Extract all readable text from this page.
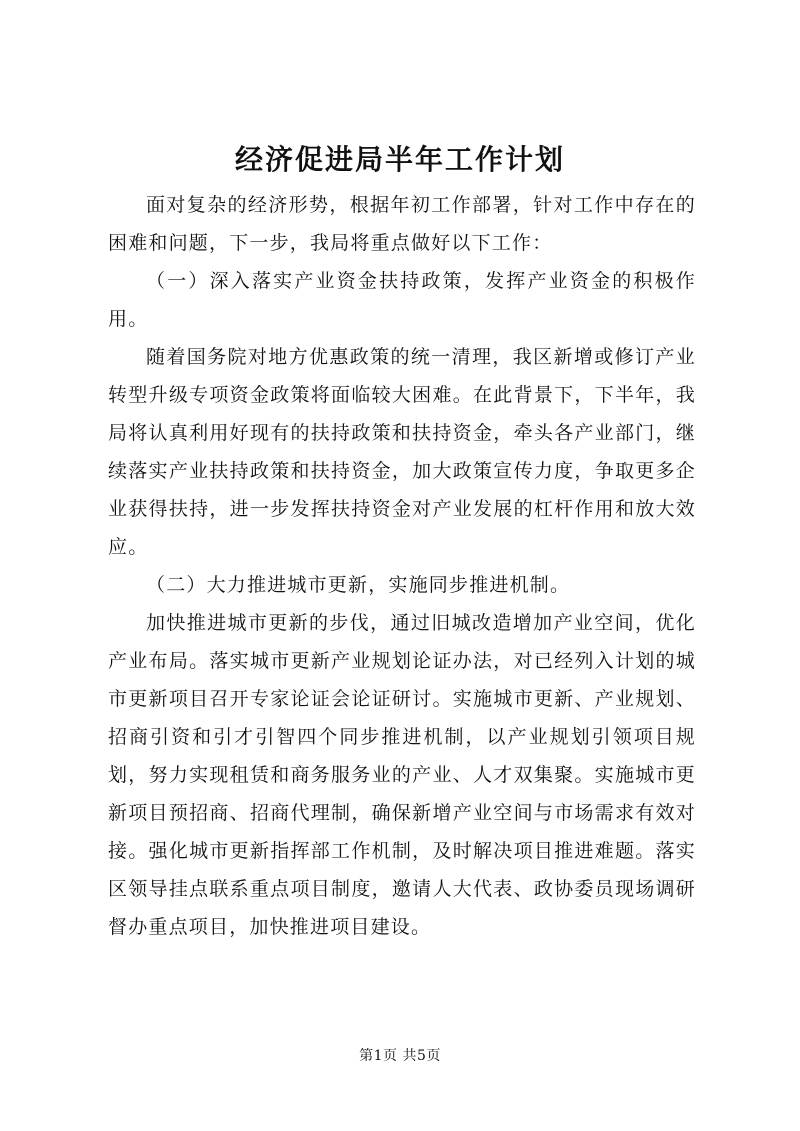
经济促进局半年工作计划

面对复杂的经济形势，根据年初工作部署，针对工作中存在的困难和问题，下一步，我局将重点做好以下工作：

（一）深入落实产业资金扶持政策，发挥产业资金的积极作用。

随着国务院对地方优惠政策的统一清理，我区新增或修订产业转型升级专项资金政策将面临较大困难。在此背景下，下半年，我局将认真利用好现有的扶持政策和扶持资金，牵头各产业部门，继续落实产业扶持政策和扶持资金，加大政策宣传力度，争取更多企业获得扶持，进一步发挥扶持资金对产业发展的杠杆作用和放大效应。

（二）大力推进城市更新，实施同步推进机制。

加快推进城市更新的步伐，通过旧城改造增加产业空间，优化产业布局。落实城市更新产业规划论证办法，对已经列入计划的城市更新项目召开专家论证会论证研讨。实施城市更新、产业规划、招商引资和引才引智四个同步推进机制，以产业规划引领项目规划，努力实现租赁和商务服务业的产业、人才双集聚。实施城市更新项目预招商、招商代理制，确保新增产业空间与市场需求有效对接。强化城市更新指挥部工作机制，及时解决项目推进难题。落实区领导挂点联系重点项目制度，邀请人大代表、政协委员现场调研督办重点项目，加快推进项目建设。

第1页 共5页
